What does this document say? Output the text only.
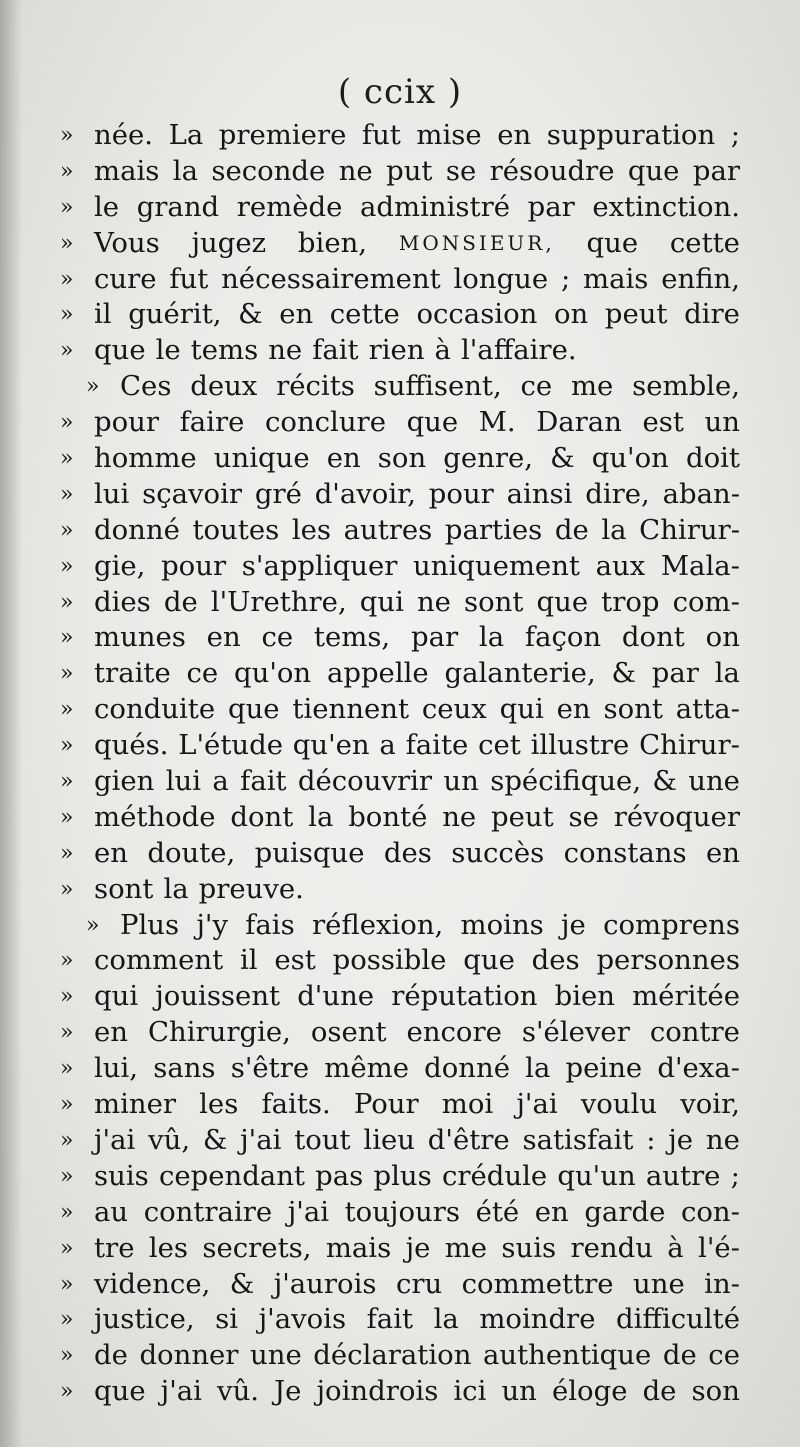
( ccix )
» née. La premiere fut mise en suppuration ;
» mais la seconde ne put se résoudre que par
» le grand remède administré par extinction.
» Vous jugez bien, MONSIEUR, que cette
» cure fut nécessairement longue ; mais enfin,
» il guérit, & en cette occasion on peut dire
» que le tems ne fait rien à l'affaire.
» Ces deux récits suffisent, ce me semble,
» pour faire conclure que M. Daran est un
» homme unique en son genre, & qu'on doit
» lui sçavoir gré d'avoir, pour ainsi dire, aban-
» donné toutes les autres parties de la Chirur-
» gie, pour s'appliquer uniquement aux Mala-
» dies de l'Urethre, qui ne sont que trop com-
» munes en ce tems, par la façon dont on
» traite ce qu'on appelle galanterie, & par la
» conduite que tiennent ceux qui en sont atta-
» qués. L'étude qu'en a faite cet illustre Chirur-
» gien lui a fait découvrir un spécifique, & une
» méthode dont la bonté ne peut se révoquer
» en doute, puisque des succès constans en
» sont la preuve.
» Plus j'y fais réflexion, moins je comprens
» comment il est possible que des personnes
» qui jouissent d'une réputation bien méritée
» en Chirurgie, osent encore s'élever contre
» lui, sans s'être même donné la peine d'exa-
» miner les faits. Pour moi j'ai voulu voir,
» j'ai vû, & j'ai tout lieu d'être satisfait : je ne
» suis cependant pas plus crédule qu'un autre ;
» au contraire j'ai toujours été en garde con-
» tre les secrets, mais je me suis rendu à l'é-
» vidence, & j'aurois cru commettre une in-
» justice, si j'avois fait la moindre difficulté
» de donner une déclaration authentique de ce
» que j'ai vû. Je joindrois ici un éloge de son
